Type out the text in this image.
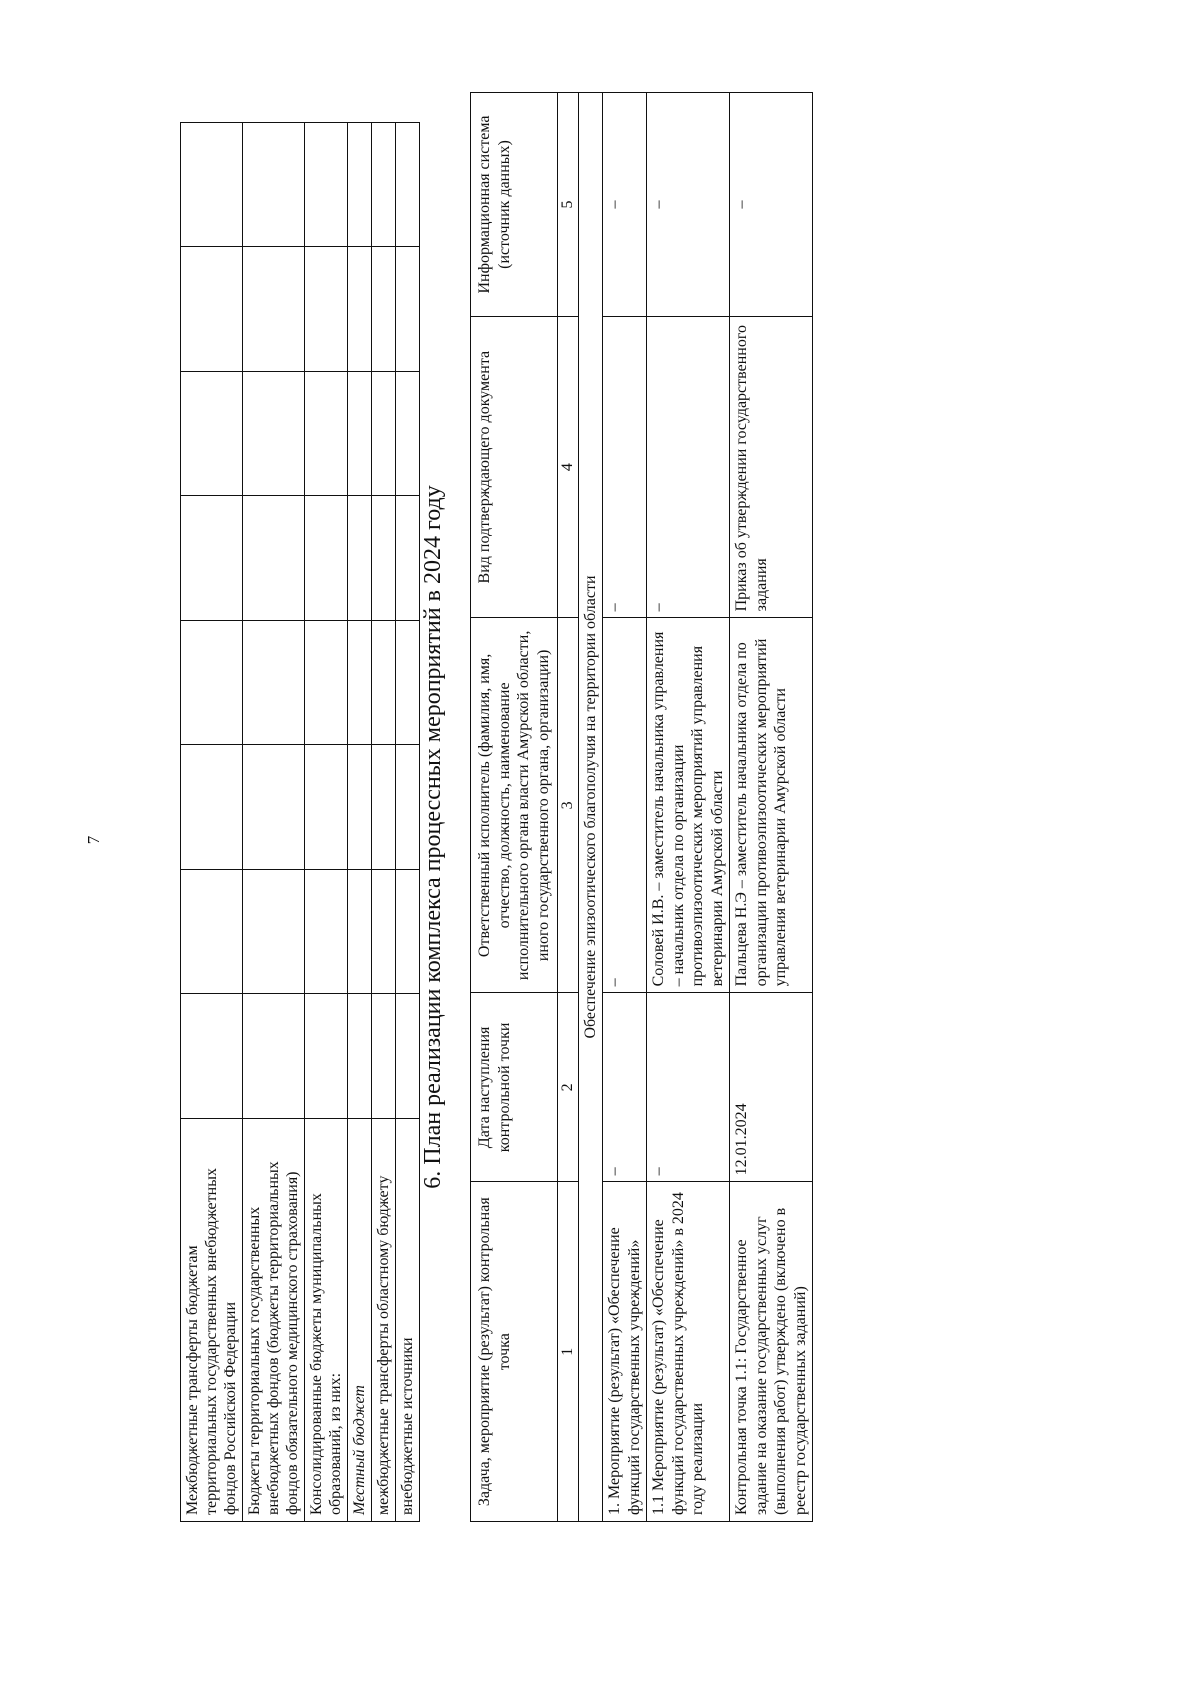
7
Межбюджетные трансферты бюджетам территориальных государственных внебюджетных фондов Российской Федерации								
Бюджеты территориальных государственных внебюджетных фондов (бюджеты территориальных фондов обязательного медицинского страхования)								
Консолидированные бюджеты муниципальных образований, из них:								
Местный бюджет								
межбюджетные трансферты областному бюджету								
внебюджетные источники								
6. План реализации комплекса процессных мероприятий в 2024 году
Задача, мероприятие (результат) контрольная точка	Дата наступления контрольной точки	Ответственный исполнитель (фамилия, имя, отчество, должность, наименование исполнительного органа власти Амурской области, иного государственного органа, организации)	Вид подтверждающего документа	Информационная система (источник данных)
1	2	3	4	5
Обеспечение эпизоотического благополучия на территории области				
1. Мероприятие (результат) «Обеспечение функций государственных учреждений»	–	–	–	–
1.1 Мероприятие (результат) «Обеспечение функций государственных учреждений» в 2024 году реализации	–	Соловей И.В. – заместитель начальника управления – начальник отдела по организации противоэпизоотических мероприятий управления ветеринарии Амурской области	–	–
Контрольная точка 1.1: Государственное задание на оказание государственных услуг (выполнения работ) утверждено (включено в реестр государственных заданий)	12.01.2024	Пальцева Н.Э – заместитель начальника отдела по организации противоэпизоотических мероприятий управления ветеринарии Амурской области	Приказ об утверждении государственного задания	–
